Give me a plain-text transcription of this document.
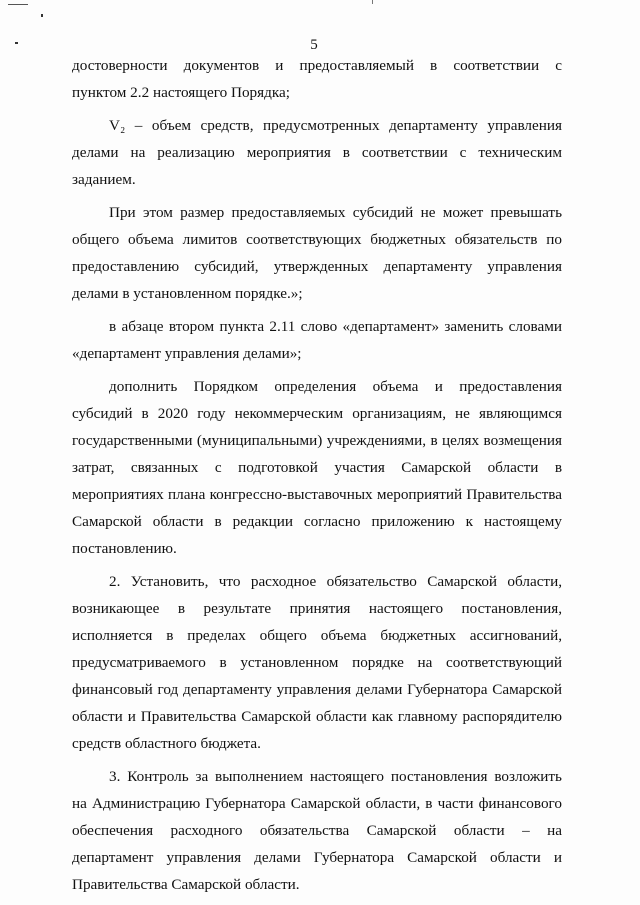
5
достоверности документов и предоставляемый в соответствии с
пунктом 2.2 настоящего Порядка;
V₂ – объем средств, предусмотренных департаменту управления
делами на реализацию мероприятия в соответствии с техническим
заданием.
При этом размер предоставляемых субсидий не может превышать
общего объема лимитов соответствующих бюджетных обязательств по
предоставлению субсидий, утвержденных департаменту управления
делами в установленном порядке.»;
в абзаце втором пункта 2.11 слово «департамент» заменить словами
«департамент управления делами»;
дополнить Порядком определения объема и предоставления
субсидий в 2020 году некоммерческим организациям, не являющимся
государственными (муниципальными) учреждениями, в целях возмещения
затрат, связанных с подготовкой участия Самарской области в
мероприятиях плана конгрессно-выставочных мероприятий Правительства
Самарской области в редакции согласно приложению к настоящему
постановлению.
2. Установить, что расходное обязательство Самарской области,
возникающее в результате принятия настоящего постановления,
исполняется в пределах общего объема бюджетных ассигнований,
предусматриваемого в установленном порядке на соответствующий
финансовый год департаменту управления делами Губернатора Самарской
области и Правительства Самарской области как главному распорядителю
средств областного бюджета.
3. Контроль за выполнением настоящего постановления возложить
на Администрацию Губернатора Самарской области, в части финансового
обеспечения расходного обязательства Самарской области – на
департамент управления делами Губернатора Самарской области и
Правительства Самарской области.
